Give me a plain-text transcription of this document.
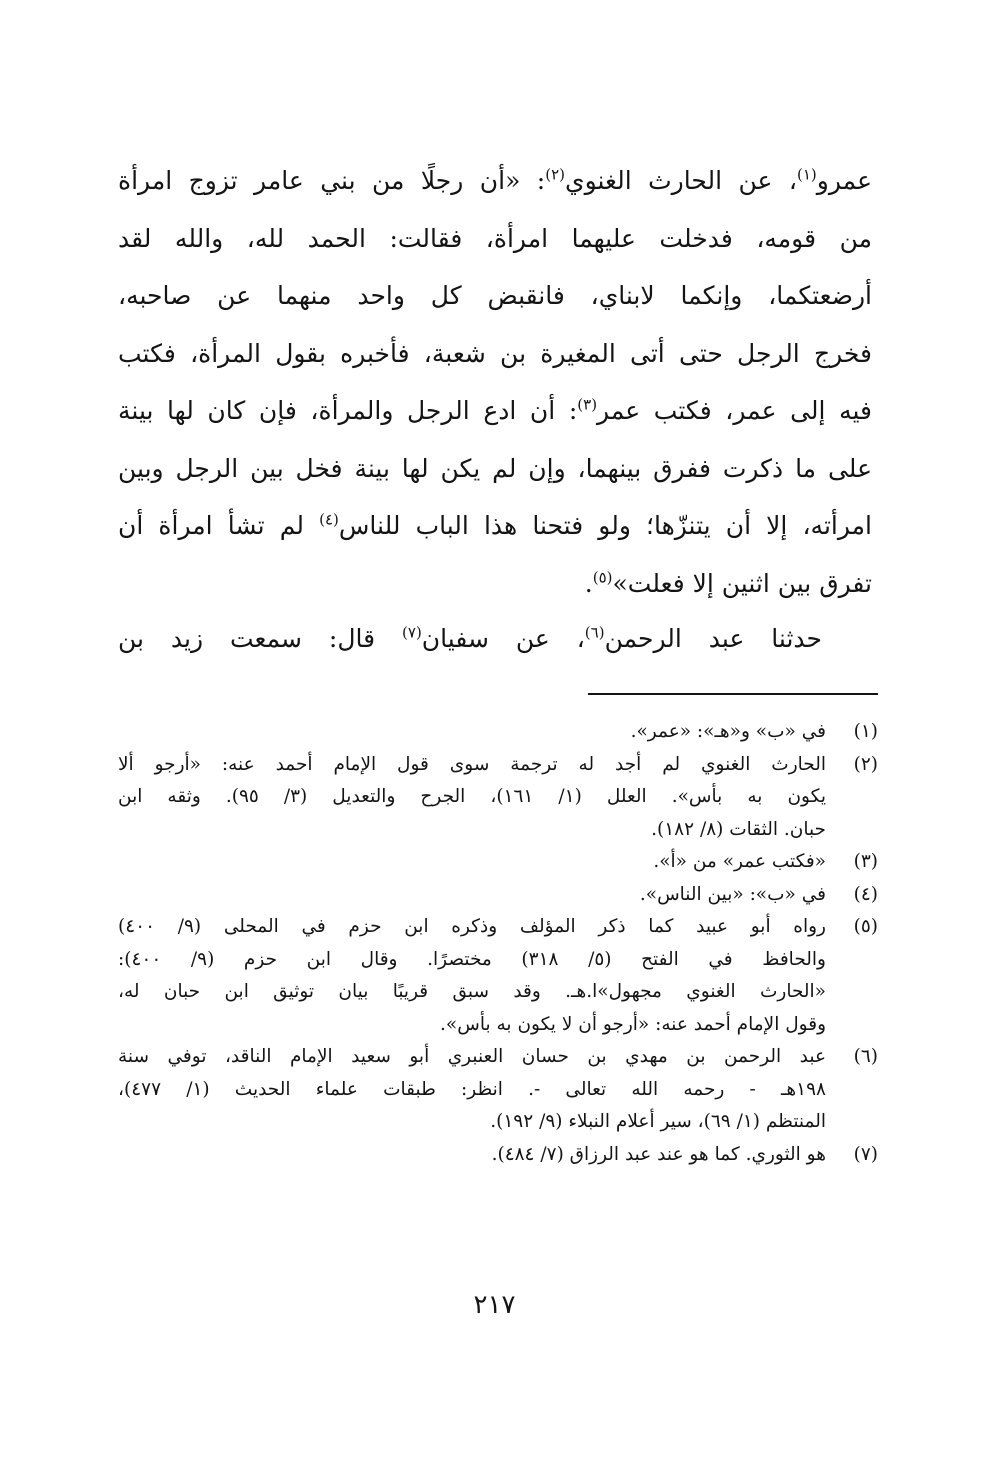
عمرو$^{(١)}$، عن الحارث الغنوي$^{(٢)}$: «أن رجلًا من بني عامر تزوج امرأة
من قومه، فدخلت عليهما امرأة، فقالت: الحمد لله، والله لقد
أرضعتكما، وإنكما لابناي، فانقبض كل واحد منهما عن صاحبه،
فخرج الرجل حتى أتى المغيرة بن شعبة، فأخبره بقول المرأة، فكتب
فيه إلى عمر، فكتب عمر$^{(٣)}$: أن ادع الرجل والمرأة، فإن كان لها بينة
على ما ذكرت ففرق بينهما، وإن لم يكن لها بينة فخل بين الرجل وبين
امرأته، إلا أن يتنزّها؛ ولو فتحنا هذا الباب للناس$^{(٤)}$ لم تشأ امرأة أن
تفرق بين اثنين إلا فعلت»$^{(٥)}$.
حدثنا عبد الرحمن$^{(٦)}$، عن سفيان$^{(٧)}$ قال: سمعت زيد بن
(١)
في «ب» و«هـ»: «عمر».
(٢)
الحارث الغنوي لم أجد له ترجمة سوى قول الإمام أحمد عنه: «أرجو ألا
يكون به بأس». العلل (١/ ١٦١)، الجرح والتعديل (٣/ ٩٥). وثقه ابن
حبان. الثقات (٨/ ١٨٢).
(٣)
«فكتب عمر» من «أ».
(٤)
في «ب»: «بين الناس».
(٥)
رواه أبو عبيد كما ذكر المؤلف وذكره ابن حزم في المحلى (٩/ ٤٠٠)
والحافظ في الفتح (٥/ ٣١٨) مختصرًا. وقال ابن حزم (٩/ ٤٠٠):
«الحارث الغنوي مجهول»ا.هـ. وقد سبق قريبًا بيان توثيق ابن حبان له،
وقول الإمام أحمد عنه: «أرجو أن لا يكون به بأس».
(٦)
عبد الرحمن بن مهدي بن حسان العنبري أبو سعيد الإمام الناقد، توفي سنة
١٩٨هـ - رحمه الله تعالى -. انظر: طبقات علماء الحديث (١/ ٤٧٧)،
المنتظم (١/ ٦٩)، سير أعلام النبلاء (٩/ ١٩٢).
(٧)
هو الثوري. كما هو عند عبد الرزاق (٧/ ٤٨٤).
٢١٧
